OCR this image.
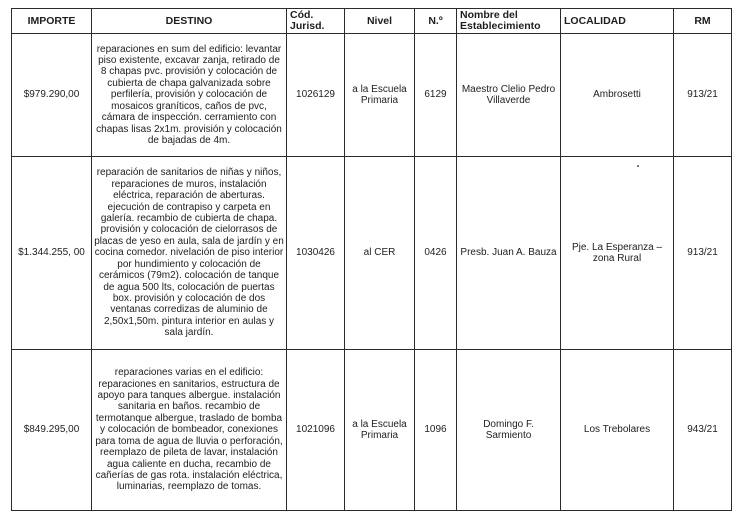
IMPORTE	DESTINO	Cód. Jurisd.	Nivel	N.º	Nombre del Establecimiento	LOCALIDAD	RM
$979.290,00	reparaciones en sum del edificio: levantar piso existente, excavar zanja, retirado de 8 chapas pvc. provisión y colocación de cubierta de chapa galvanizada sobre perfilería, provisión y colocación de mosaicos graníticos, caños de pvc, cámara de inspección. cerramiento con chapas lisas 2x1m. provisión y colocación de bajadas de 4m.	1026129	a la Escuela Primaria	6129	Maestro Clelio Pedro Villaverde	Ambrosetti	913/21
$1.344.255, 00	reparación de sanitarios de niñas y niños, reparaciones de muros, instalación eléctrica, reparación de aberturas. ejecución de contrapiso y carpeta en galería. recambio de cubierta de chapa. provisión y colocación de cielorrasos de placas de yeso en aula, sala de jardín y en cocina comedor. nivelación de piso interior por hundimiento y colocación de cerámicos (79m2). colocación de tanque de agua 500 lts, colocación de puertas box. provisión y colocación de dos ventanas corredizas de aluminio de 2,50x1,50m. pintura interior en aulas y sala jardín.	1030426	al CER	0426	Presb. Juan A. Bauza	Pje. La Esperanza – zona Rural	913/21
$849.295,00	reparaciones varias en el edificio: reparaciones en sanitarios, estructura de apoyo para tanques albergue. instalación sanitaria en baños. recambio de termotanque albergue, traslado de bomba y colocación de bombeador, conexiones para toma de agua de lluvia o perforación, reemplazo de pileta de lavar, instalación agua caliente en ducha, recambio de cañerías de gas rota. instalación eléctrica, luminarias, reemplazo de tomas.	1021096	a la Escuela Primaria	1096	Domingo F. Sarmiento	Los Trebolares	943/21
